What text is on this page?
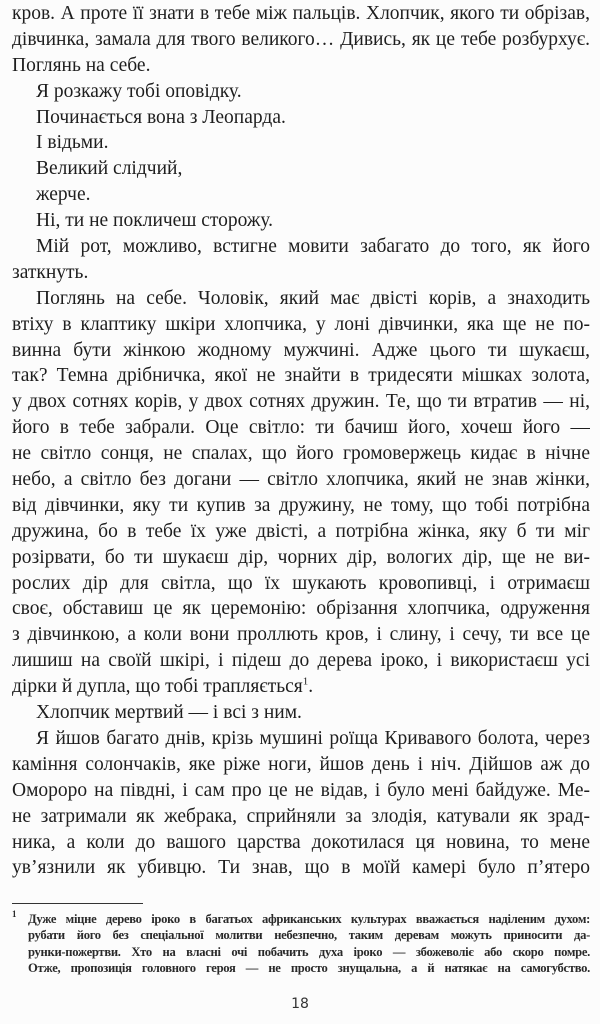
кров. А проте її знати в тебе між пальців. Хлопчик, якого ти обрізав,
дівчинка, замала для твого великого… Дивись, як це тебе розбурхує.
Поглянь на себе.
Я розкажу тобі оповідку.
Починається вона з Леопарда.
І відьми.
Великий слідчий,
жерче.
Ні, ти не покличеш сторожу.
Мій рот, можливо, встигне мовити забагато до того, як його
заткнуть.
Поглянь на себе. Чоловік, який має двісті корів, а знаходить
втіху в клаптику шкіри хлопчика, у лоні дівчинки, яка ще не по-
винна бути жінкою жодному мужчині. Адже цього ти шукаєш,
так? Темна дрібничка, якої не знайти в тридесяти мішках золота,
у двох сотнях корів, у двох сотнях дружин. Те, що ти втратив — ні,
його в тебе забрали. Оце світло: ти бачиш його, хочеш його —
не світло сонця, не спалах, що його громовержець кидає в нічне
небо, а світло без догани — світло хлопчика, який не знав жінки,
від дівчинки, яку ти купив за дружину, не тому, що тобі потрібна
дружина, бо в тебе їх уже двісті, а потрібна жінка, яку б ти міг
розірвати, бо ти шукаєш дір, чорних дір, вологих дір, ще не ви-
рослих дір для світла, що їх шукають кровопивці, і отримаєш
своє, обставиш це як церемонію: обрізання хлопчика, одруження
з дівчинкою, а коли вони проллють кров, і слину, і сечу, ти все це
лишиш на своїй шкірі, і підеш до дерева іроко, і використаєш усі
дірки й дупла, що тобі трапляється$^1$.
Хлопчик мертвий — і всі з ним.
Я йшов багато днів, крізь мушині роїща Кривавого болота, через
каміння солончаків, яке ріже ноги, йшов день і ніч. Дійшов аж до
Омороро на півдні, і сам про це не відав, і було мені байдуже. Ме-
не затримали як жебрака, сприйняли за злодія, катували як зрад-
ника, а коли до вашого царства докотилася ця новина, то мене
ув’язнили як убивцю. Ти знав, що в моїй камері було п’ятеро
1 Дуже міцне дерево іроко в багатьох африканських культурах вважається наділеним духом:
рубати його без спеціальної молитви небезпечно, таким деревам можуть приносити да-
рунки-пожертви. Хто на власні очі побачить духа іроко — збожеволіє або скоро помре.
Отже, пропозиція головного героя — не просто знущальна, а й натякає на самогубство.
18
